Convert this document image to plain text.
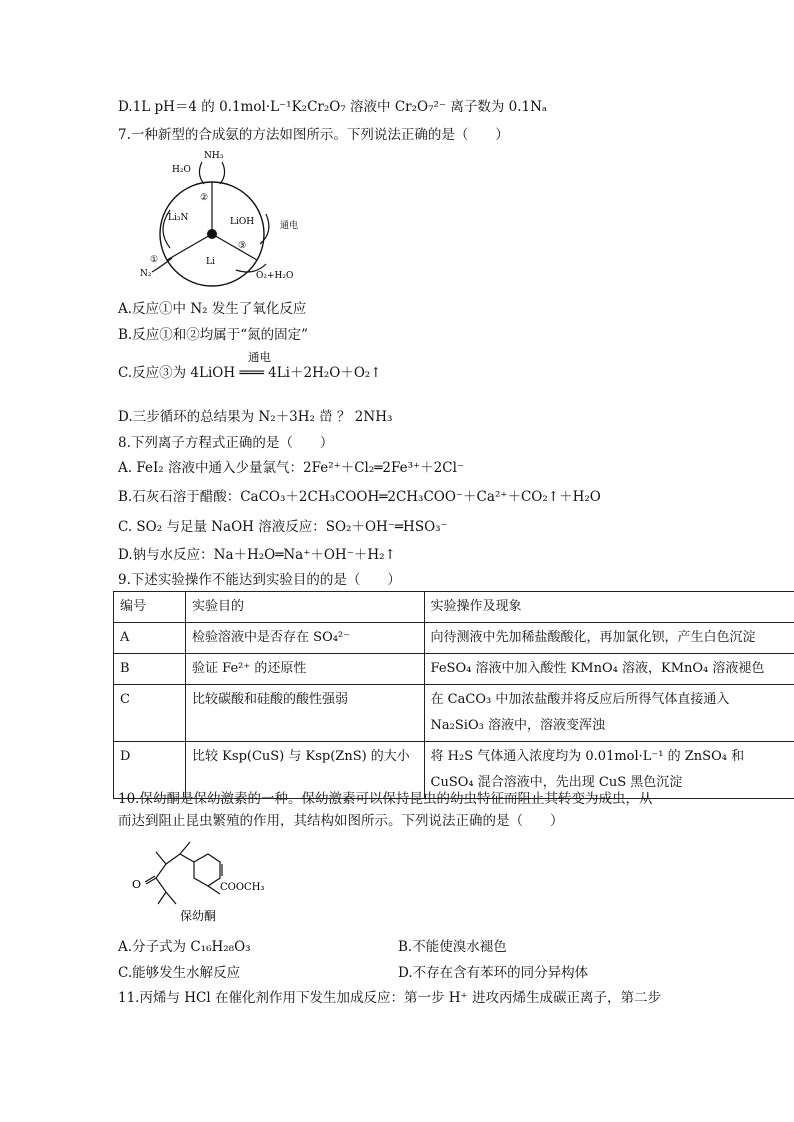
D.1L pH＝4 的 0.1mol·L⁻¹K₂Cr₂O₇ 溶液中 Cr₂O₇²⁻ 离子数为 0.1Nₐ
7.一种新型的合成氨的方法如图所示。下列说法正确的是（　　）
NH₃
H₂O
Li₃N	LiOH
Li
N₂	O₂+H₂O
通电
①
②
③
A.反应①中 N₂ 发生了氧化反应
B.反应①和②均属于“氮的固定”
通电
C.反应③为 4LiOH ═══ 4Li＋2H₂O＋O₂↑
D.三步循环的总结果为 N₂＋3H₂ 嵤 ？ 2NH₃
8.下列离子方程式正确的是（　　）
A. FeI₂ 溶液中通入少量氯气：2Fe²⁺＋Cl₂═2Fe³⁺＋2Cl⁻
B.石灰石溶于醋酸：CaCO₃＋2CH₃COOH═2CH₃COO⁻＋Ca²⁺＋CO₂↑＋H₂O
C. SO₂ 与足量 NaOH 溶液反应：SO₂＋OH⁻═HSO₃⁻
D.钠与水反应：Na＋H₂O═Na⁺＋OH⁻＋H₂↑
9.下述实验操作不能达到实验目的的是（　　）
编号	实验目的	实验操作及现象
A	检验溶液中是否存在 SO₄²⁻	向待测液中先加稀盐酸酸化，再加氯化钡，产生白色沉淀
B	验证 Fe²⁺ 的还原性	FeSO₄ 溶液中加入酸性 KMnO₄ 溶液，KMnO₄ 溶液褪色
C	比较碳酸和硅酸的酸性强弱	在 CaCO₃ 中加浓盐酸并将反应后所得气体直接通入
Na₂SiO₃ 溶液中，溶液变浑浊

D	比较 Ksp(CuS) 与 Ksp(ZnS) 的大小	将 H₂S 气体通入浓度均为 0.01mol·L⁻¹ 的 ZnSO₄ 和
CuSO₄ 混合溶液中，先出现 CuS 黑色沉淀
10.保幼酮是保幼激素的一种。保幼激素可以保持昆虫的幼虫特征而阻止其转变为成虫，从
而达到阻止昆虫繁殖的作用，其结构如图所示。下列说法正确的是（　　）
O	COOCH₃
保幼酮
A.分子式为 C₁₆H₂₈O₃	B.不能使溴水褪色
C.能够发生水解反应	D.不存在含有苯环的同分异构体
11.丙烯与 HCl 在催化剂作用下发生加成反应：第一步 H⁺ 进攻丙烯生成碳正离子，第二步
